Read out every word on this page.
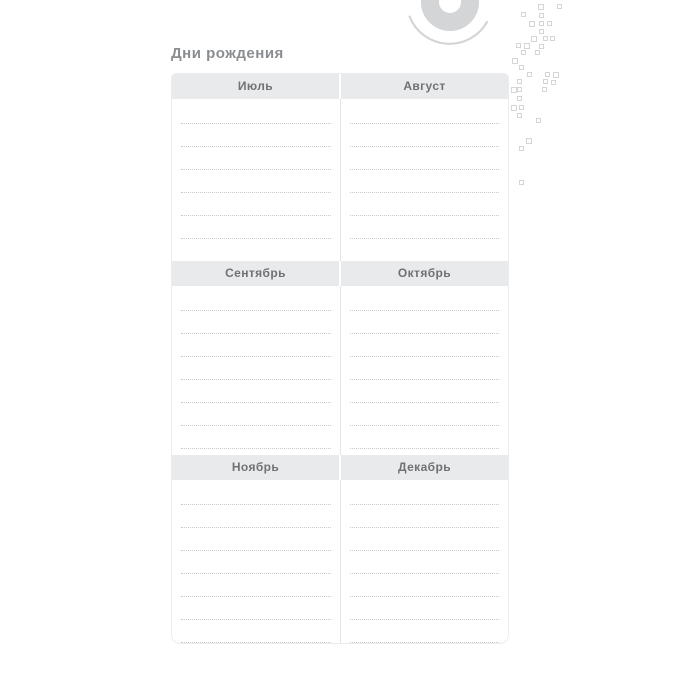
Дни рождения
Июль	Август
Сентябрь	Октябрь
Ноябрь	Декабрь
